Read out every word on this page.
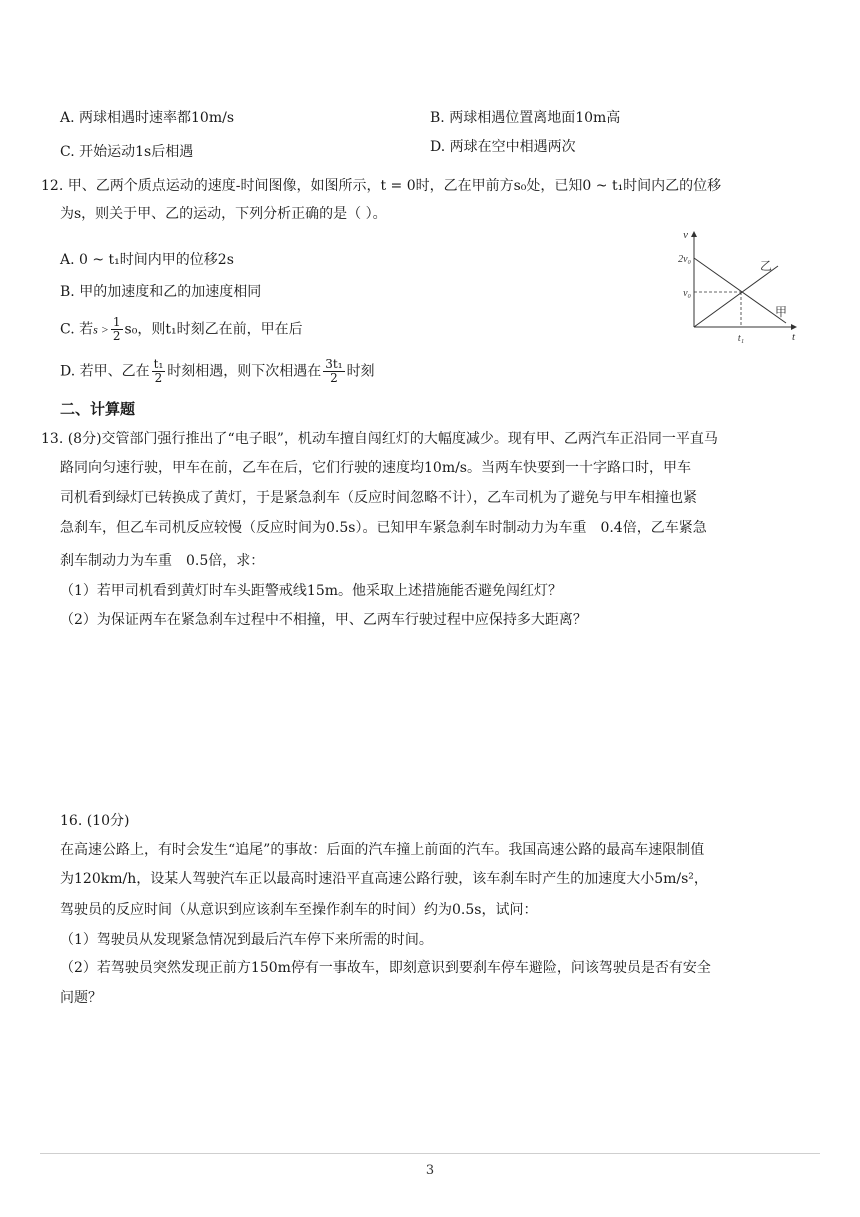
A. 两球相遇时速率都10m/s	B. 两球相遇位置离地面10m高
C. 开始运动1s后相遇	D. 两球在空中相遇两次
12. 甲、乙两个质点运动的速度-时间图像，如图所示，t = 0时，乙在甲前方s₀处，已知0 ~ t₁时间内乙的位移
为s，则关于甲、乙的运动，下列分析正确的是（ ）。
A. 0 ~ t₁时间内甲的位移2s
B. 甲的加速度和乙的加速度相同
C. 若$s > \frac{1}{2} s_0$，则t₁时刻乙在前，甲在后
D. 若甲、乙在 $\frac{\text{t₁}}{2}$ 时刻相遇，则下次相遇在 $\frac{\text{3t₁}}{2}$ 时刻
v
t
2v₀
v₀
t₁
乙
甲
二、计算题
13. (8分)交管部门强行推出了“电子眼”，机动车擅自闯红灯的大幅度减少。现有甲、乙两汽车正沿同一平直马
路同向匀速行驶，甲车在前，乙车在后，它们行驶的速度均10m/s。当两车快要到一十字路口时，甲车
司机看到绿灯已转换成了黄灯，于是紧急刹车（反应时间忽略不计），乙车司机为了避免与甲车相撞也紧
急刹车，但乙车司机反应较慢（反应时间为0.5s）。已知甲车紧急刹车时制动力为车重　0.4倍，乙车紧急
刹车制动力为车重　0.5倍，求：
（1）若甲司机看到黄灯时车头距警戒线15m。他采取上述措施能否避免闯红灯？
（2）为保证两车在紧急刹车过程中不相撞，甲、乙两车行驶过程中应保持多大距离？
16. (10分)
在高速公路上，有时会发生“追尾”的事故：后面的汽车撞上前面的汽车。我国高速公路的最高车速限制值
为120km/h，设某人驾驶汽车正以最高时速沿平直高速公路行驶，该车刹车时产生的加速度大小5m/s²，
驾驶员的反应时间（从意识到应该刹车至操作刹车的时间）约为0.5s，试问：
（1）驾驶员从发现紧急情况到最后汽车停下来所需的时间。
（2）若驾驶员突然发现正前方150m停有一事故车，即刻意识到要刹车停车避险，问该驾驶员是否有安全
问题？
3
